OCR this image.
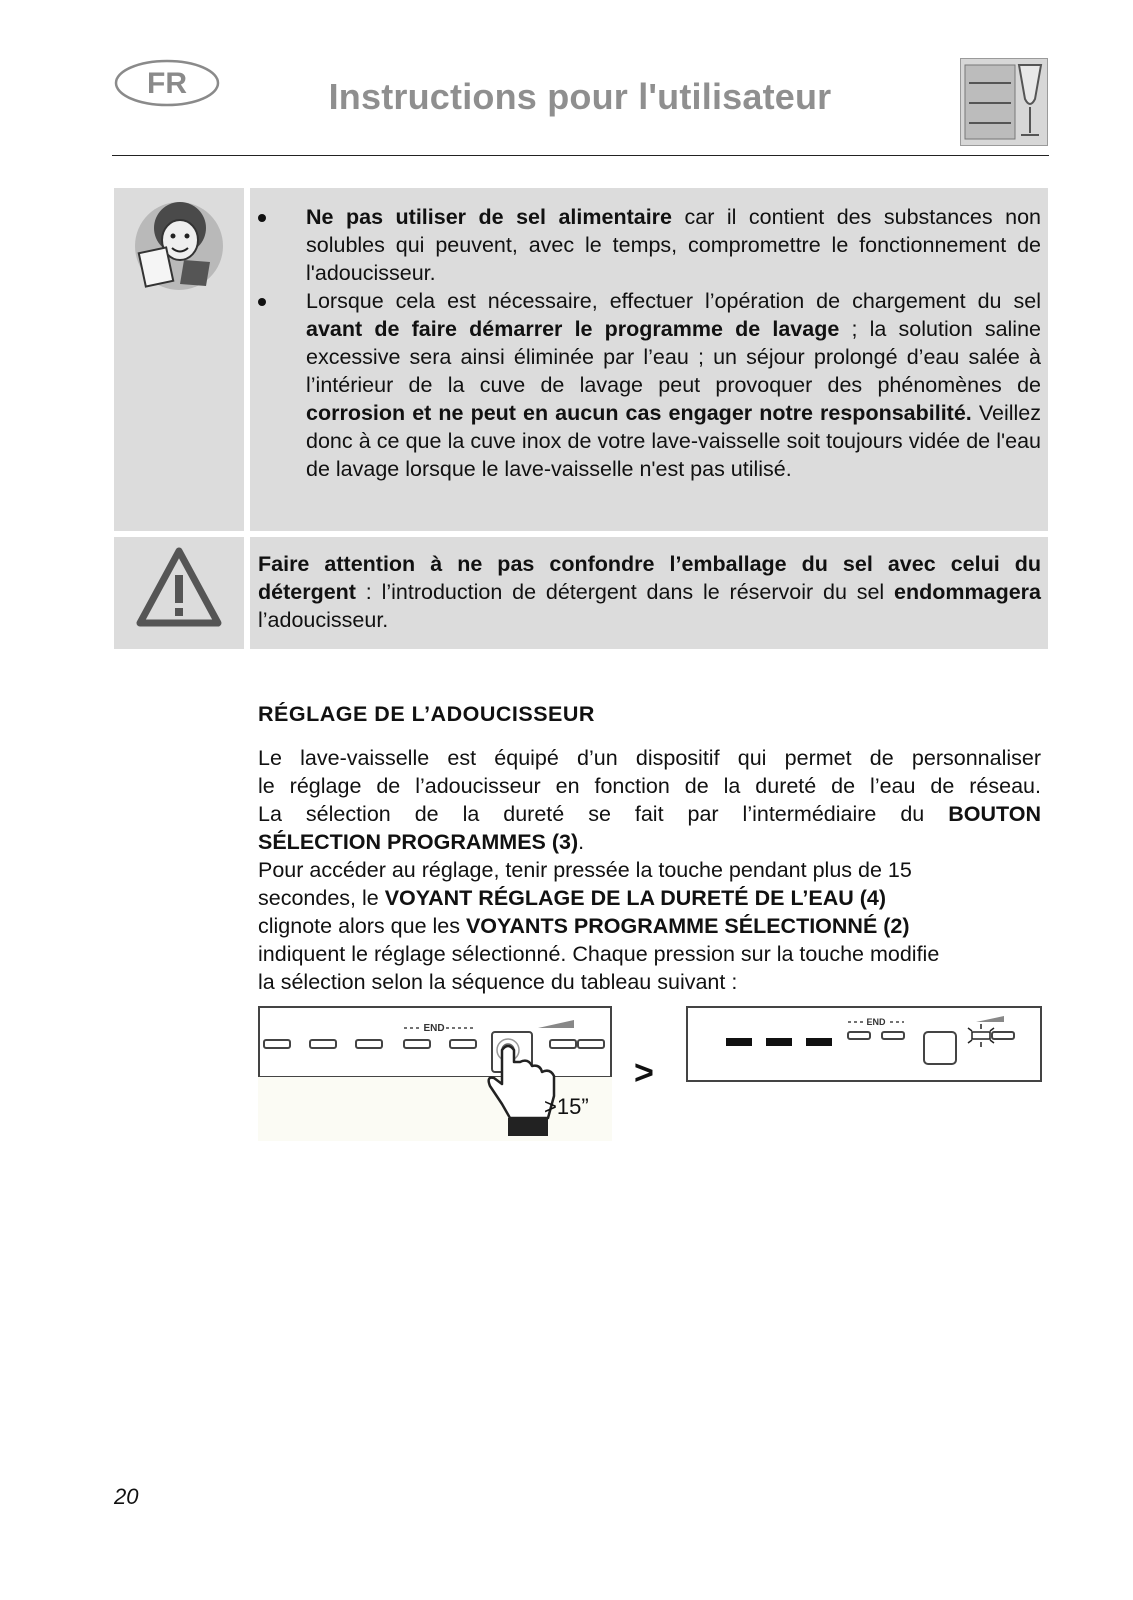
FR	Instructions pour l'utilisateur
Ne pas utiliser de sel alimentaire car il contient des substances non solubles qui peuvent, avec le temps, compromettre le fonctionnement de l'adoucisseur.
Lorsque cela est nécessaire, effectuer l’opération de chargement du sel avant de faire démarrer le programme de lavage ; la solution saline excessive sera ainsi éliminée par l’eau ; un séjour prolongé d’eau salée à l’intérieur de la cuve de lavage peut provoquer des phénomènes de corrosion et ne peut en aucun cas engager notre responsabilité. Veillez donc à ce que la cuve inox de votre lave-vaisselle soit toujours vidée de l'eau de lavage lorsque le lave-vaisselle n'est pas utilisé.

Faire attention à ne pas confondre l’emballage du sel avec celui du détergent : l’introduction de détergent dans le réservoir du sel endommagera l’adoucisseur.

RÉGLAGE DE L’ADOUCISSEUR
Le lave-vaisselle est équipé d’un dispositif qui permet de personnaliser
le réglage de l’adoucisseur en fonction de la dureté de l’eau de réseau.
La sélection de la dureté se fait par l’intermédiaire du BOUTON
SÉLECTION PROGRAMMES (3).
Pour accéder au réglage, tenir pressée la touche pendant plus de 15
secondes, le VOYANT RÉGLAGE DE LA DURETÉ DE L’EAU (4)
clignote alors que les VOYANTS PROGRAMME SÉLECTIONNÉ (2)
indiquent le réglage sélectionné. Chaque pression sur la touche modifie
la sélection selon la séquence du tableau suivant :
END
>15”
>
END
20
